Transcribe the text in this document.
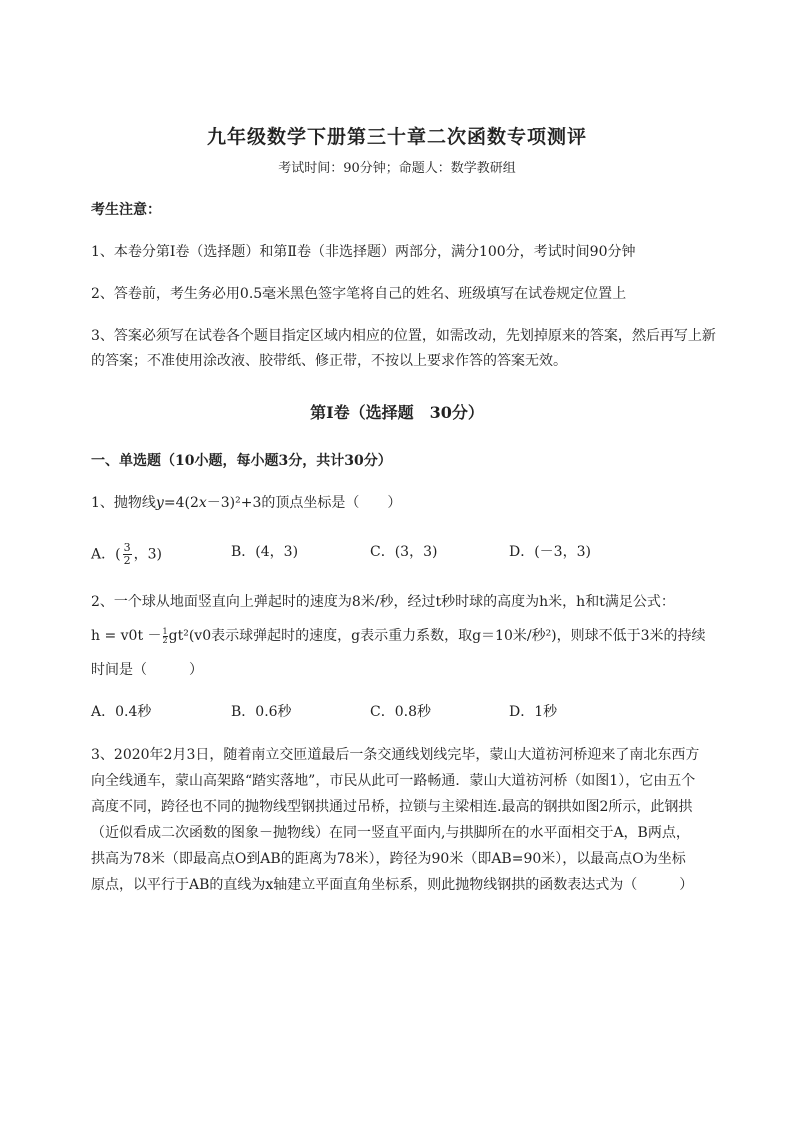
九年级数学下册第三十章二次函数专项测评
考试时间：90分钟；命题人：数学教研组
考生注意：
1、本卷分第Ⅰ卷（选择题）和第Ⅱ卷（非选择题）两部分，满分100分，考试时间90分钟
2、答卷前，考生务必用0.5毫米黑色签字笔将自己的姓名、班级填写在试卷规定位置上
3、答案必须写在试卷各个题目指定区域内相应的位置，如需改动，先划掉原来的答案，然后再写上新
的答案；不准使用涂改液、胶带纸、修正带，不按以上要求作答的答案无效。
第Ⅰ卷（选择题　30分）
一、单选题（10小题，每小题3分，共计30分）
1、抛物线y=4(2x－3)²+3的顶点坐标是（　　）
A．( $\frac{3}{2}$ ，3)	B．(4，3)	C．(3，3)	D．(－3，3)
2、一个球从地面竖直向上弹起时的速度为8米/秒，经过t秒时球的高度为h米，h和t满足公式：
$h = v0t - \frac{1}{2}gt^2(v0$表示球弹起时的速度，g表示重力系数，取g＝10米/秒²)，则球不低于3米的持续
时间是（　　　）
A．0.4秒	B．0.6秒	C．0.8秒	D．1秒
3、2020年2月3日，随着南立交匝道最后一条交通线划线完毕，蒙山大道祊河桥迎来了南北东西方
向全线通车，蒙山高架路“踏实落地”，市民从此可一路畅通．蒙山大道祊河桥（如图1），它由五个
高度不同，跨径也不同的抛物线型钢拱通过吊桥，拉锁与主梁相连.最高的钢拱如图2所示，此钢拱
（近似看成二次函数的图象－抛物线）在同一竖直平面内,与拱脚所在的水平面相交于A，B两点，
拱高为78米（即最高点O到AB的距离为78米），跨径为90米（即AB=90米），以最高点O为坐标
原点，以平行于AB的直线为x轴建立平面直角坐标系，则此抛物线钢拱的函数表达式为（　　　）
